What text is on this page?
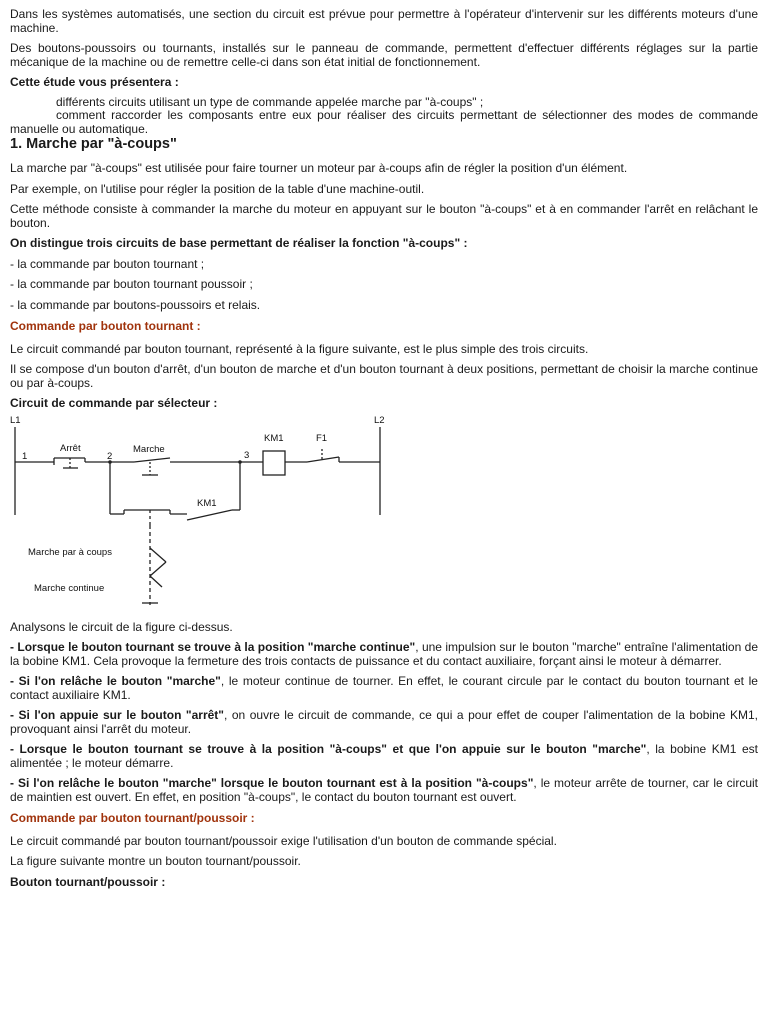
Dans les systèmes automatisés, une section du circuit est prévue pour permettre à l'opérateur d'intervenir sur les différents moteurs d'une machine.

Des boutons-poussoirs ou tournants, installés sur le panneau de commande, permettent d'effectuer différents réglages sur la partie mécanique de la machine ou de remettre celle-ci dans son état initial de fonctionnement.

Cette étude vous présentera :

différents circuits utilisant un type de commande appelée marche par "à-coups" ;

comment raccorder les composants entre eux pour réaliser des circuits permettant de sélectionner des modes de commande manuelle ou automatique.

1. Marche par "à-coups"

La marche par "à-coups" est utilisée pour faire tourner un moteur par à-coups afin de régler la position d'un élément.

Par exemple, on l'utilise pour régler la position de la table d'une machine-outil.

Cette méthode consiste à commander la marche du moteur en appuyant sur le bouton "à-coups" et à en commander l'arrêt en relâchant le bouton.

On distingue trois circuits de base permettant de réaliser la fonction "à-coups" :

- la commande par bouton tournant ;

- la commande par bouton tournant poussoir ;

- la commande par boutons-poussoirs et relais.

Commande par bouton tournant :

Le circuit commandé par bouton tournant, représenté à la figure suivante, est le plus simple des trois circuits.

Il se compose d'un bouton d'arrêt, d'un bouton de marche et d'un bouton tournant à deux positions, permettant de choisir la marche continue ou par à-coups.

Circuit de commande par sélecteur :

L1	L2
1	2	3
Arrêt	Marche
KM1	F1
KM1
Marche par à coups
Marche continue

Analysons le circuit de la figure ci-dessus.

- Lorsque le bouton tournant se trouve à la position "marche continue", une impulsion sur le bouton "marche" entraîne l'alimentation de la bobine KM1. Cela provoque la fermeture des trois contacts de puissance et du contact auxiliaire, forçant ainsi le moteur à démarrer.

- Si l'on relâche le bouton "marche", le moteur continue de tourner. En effet, le courant circule par le contact du bouton tournant et le contact auxiliaire KM1.

- Si l'on appuie sur le bouton "arrêt", on ouvre le circuit de commande, ce qui a pour effet de couper l'alimentation de la bobine KM1, provoquant ainsi l'arrêt du moteur.

- Lorsque le bouton tournant se trouve à la position "à-coups" et que l'on appuie sur le bouton "marche", la bobine KM1 est alimentée ; le moteur démarre.

- Si l'on relâche le bouton "marche" lorsque le bouton tournant est à la position "à-coups", le moteur arrête de tourner, car le circuit de maintien est ouvert. En effet, en position "à-coups", le contact du bouton tournant est ouvert.

Commande par bouton tournant/poussoir :

Le circuit commandé par bouton tournant/poussoir exige l'utilisation d'un bouton de commande spécial.

La figure suivante montre un bouton tournant/poussoir.

Bouton tournant/poussoir :
